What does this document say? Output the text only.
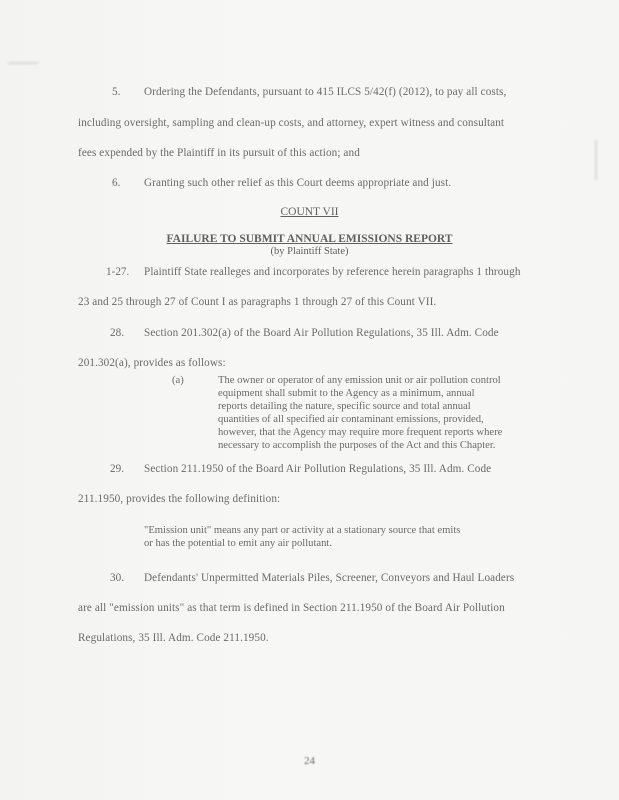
5. Ordering the Defendants, pursuant to 415 ILCS 5/42(f) (2012), to pay all costs,
including oversight, sampling and clean-up costs, and attorney, expert witness and consultant
fees expended by the Plaintiff in its pursuit of this action; and
6. Granting such other relief as this Court deems appropriate and just.
COUNT VII
FAILURE TO SUBMIT ANNUAL EMISSIONS REPORT
(by Plaintiff State)
1-27. Plaintiff State realleges and incorporates by reference herein paragraphs 1 through
23 and 25 through 27 of Count I as paragraphs 1 through 27 of this Count VII.
28. Section 201.302(a) of the Board Air Pollution Regulations, 35 Ill. Adm. Code
201.302(a), provides as follows:
(a)	The owner or operator of any emission unit or air pollution control
equipment shall submit to the Agency as a minimum, annual
reports detailing the nature, specific source and total annual
quantities of all specified air contaminant emissions, provided,
however, that the Agency may require more frequent reports where
necessary to accomplish the purposes of the Act and this Chapter.
29. Section 211.1950 of the Board Air Pollution Regulations, 35 Ill. Adm. Code
211.1950, provides the following definition:
"Emission unit" means any part or activity at a stationary source that emits
or has the potential to emit any air pollutant.
30. Defendants' Unpermitted Materials Piles, Screener, Conveyors and Haul Loaders
are all "emission units" as that term is defined in Section 211.1950 of the Board Air Pollution
Regulations, 35 Ill. Adm. Code 211.1950.
24
